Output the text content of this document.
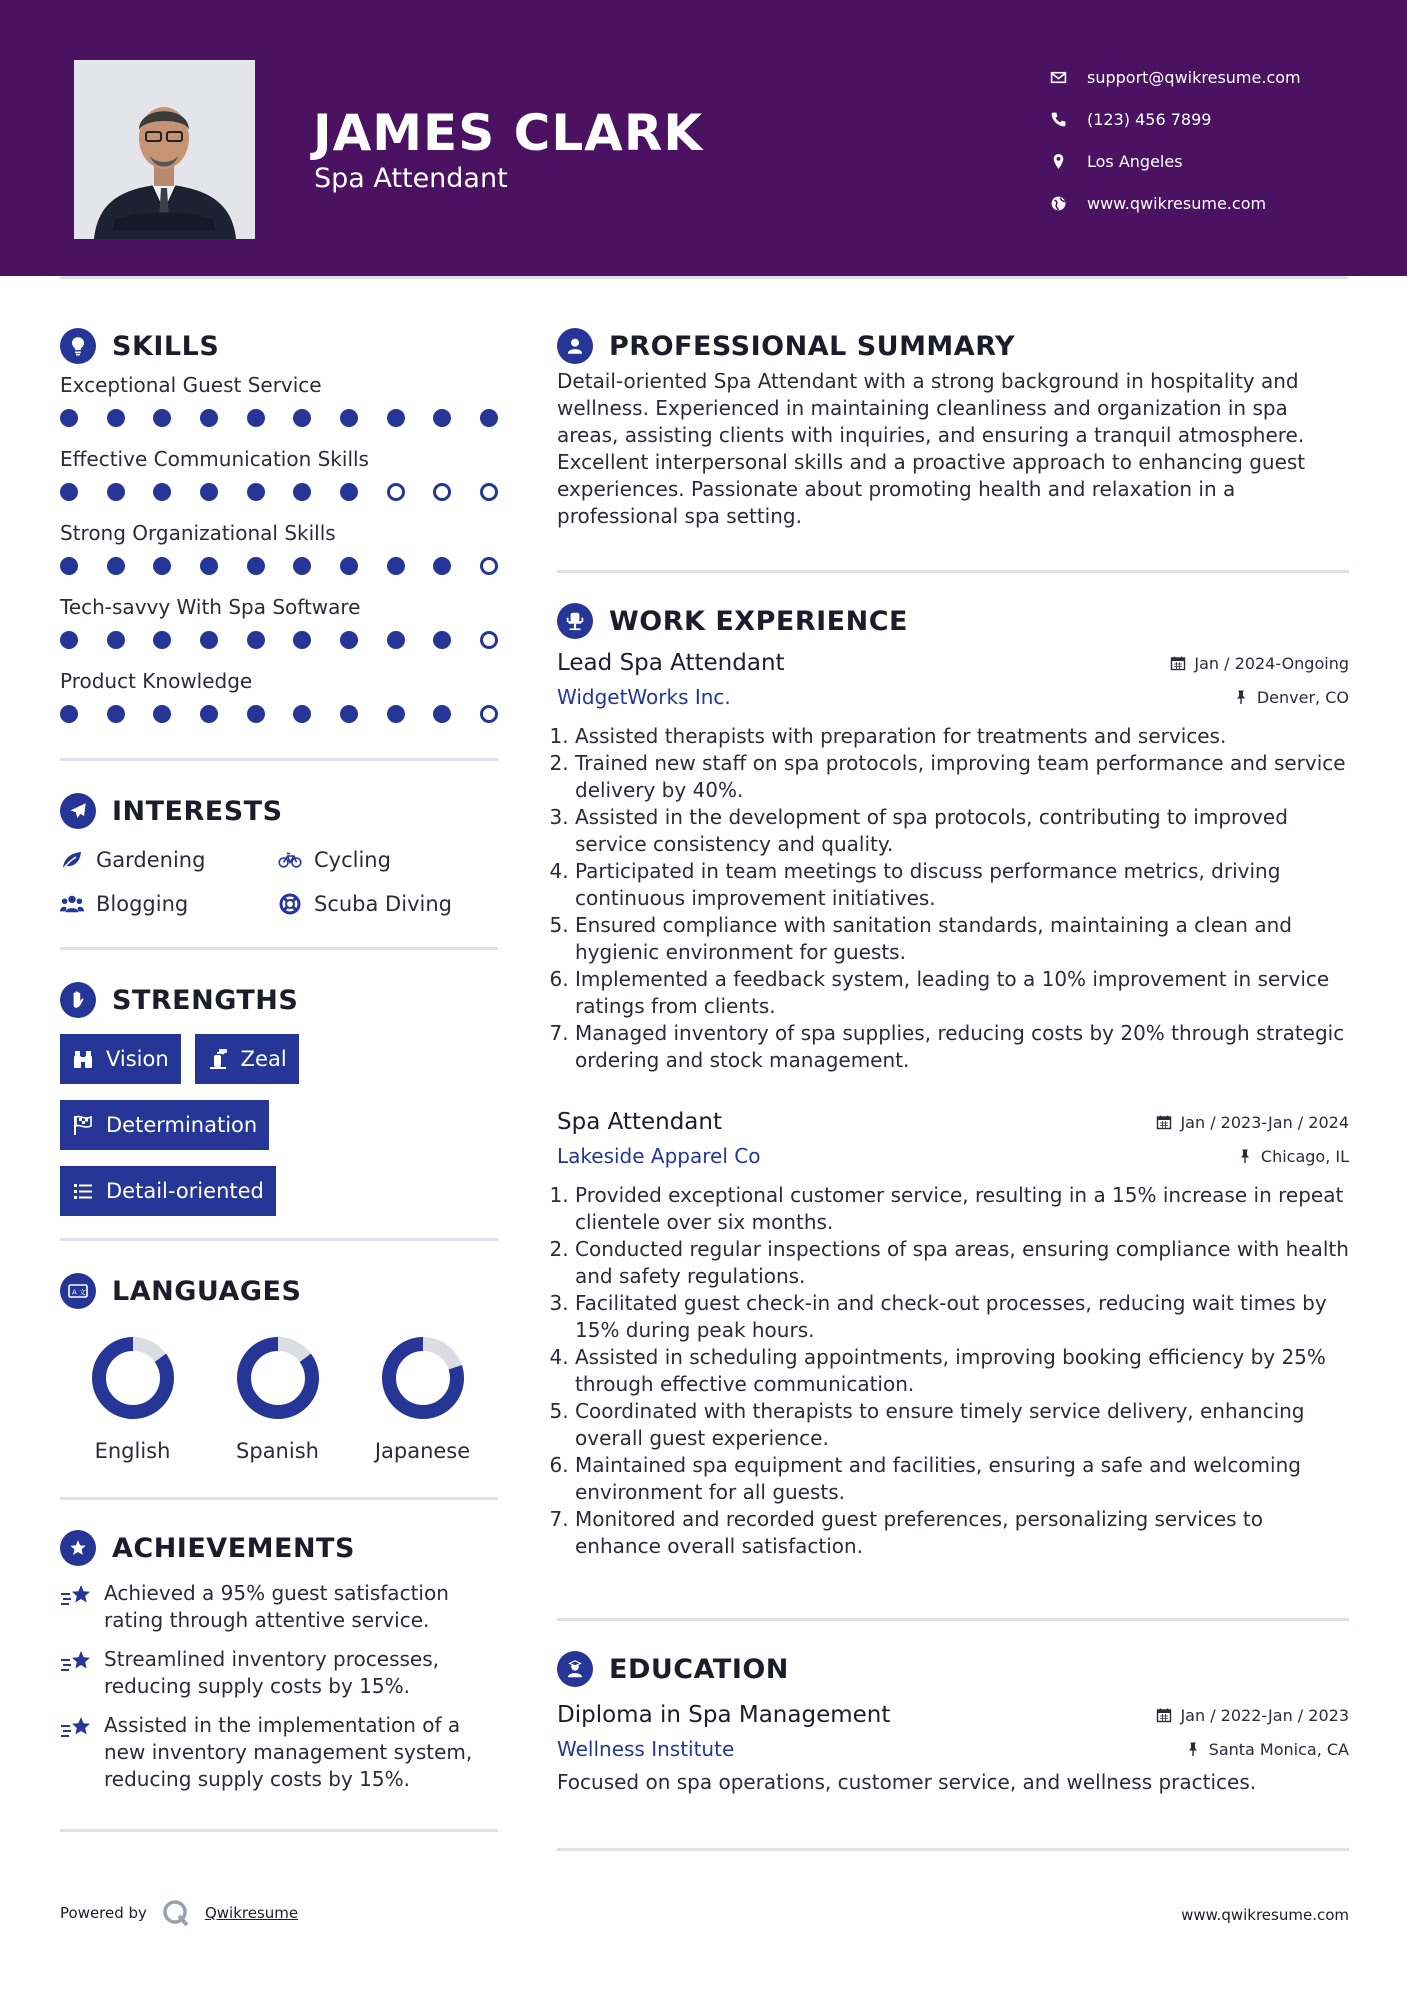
JAMES CLARK
Spa Attendant
support@qwikresume.com
(123) 456 7899
Los Angeles
www.qwikresume.com
SKILLS
Exceptional Guest Service
Effective Communication Skills
Strong Organizational Skills
Tech-savvy With Spa Software
Product Knowledge
INTERESTS
Gardening	Cycling
Blogging	Scuba Diving
STRENGTHS
Vision	Zeal
Determination
Detail-oriented
A 文 LANGUAGES
English	Spanish	Japanese
ACHIEVEMENTS
Achieved a 95% guest satisfaction rating through attentive service.
Streamlined inventory processes, reducing supply costs by 15%.
Assisted in the implementation of a new inventory management system, reducing supply costs by 15%.
PROFESSIONAL SUMMARY
Detail-oriented Spa Attendant with a strong background in hospitality and wellness. Experienced in maintaining cleanliness and organization in spa areas, assisting clients with inquiries, and ensuring a tranquil atmosphere. Excellent interpersonal skills and a proactive approach to enhancing guest experiences. Passionate about promoting health and relaxation in a professional spa setting.
WORK EXPERIENCE
Lead Spa Attendant	Jan / 2024-Ongoing
WidgetWorks Inc.	Denver, CO
1. Assisted therapists with preparation for treatments and services.
2. Trained new staff on spa protocols, improving team performance and service delivery by 40%.
3. Assisted in the development of spa protocols, contributing to improved service consistency and quality.
4. Participated in team meetings to discuss performance metrics, driving continuous improvement initiatives.
5. Ensured compliance with sanitation standards, maintaining a clean and hygienic environment for guests.
6. Implemented a feedback system, leading to a 10% improvement in service ratings from clients.
7. Managed inventory of spa supplies, reducing costs by 20% through strategic ordering and stock management.
Spa Attendant	Jan / 2023-Jan / 2024
Lakeside Apparel Co	Chicago, IL
1. Provided exceptional customer service, resulting in a 15% increase in repeat clientele over six months.
2. Conducted regular inspections of spa areas, ensuring compliance with health and safety regulations.
3. Facilitated guest check-in and check-out processes, reducing wait times by 15% during peak hours.
4. Assisted in scheduling appointments, improving booking efficiency by 25% through effective communication.
5. Coordinated with therapists to ensure timely service delivery, enhancing overall guest experience.
6. Maintained spa equipment and facilities, ensuring a safe and welcoming environment for all guests.
7. Monitored and recorded guest preferences, personalizing services to enhance overall satisfaction.
EDUCATION
Diploma in Spa Management	Jan / 2022-Jan / 2023
Wellness Institute	Santa Monica, CA
Focused on spa operations, customer service, and wellness practices.
Powered by	Qwikresume	www.qwikresume.com
